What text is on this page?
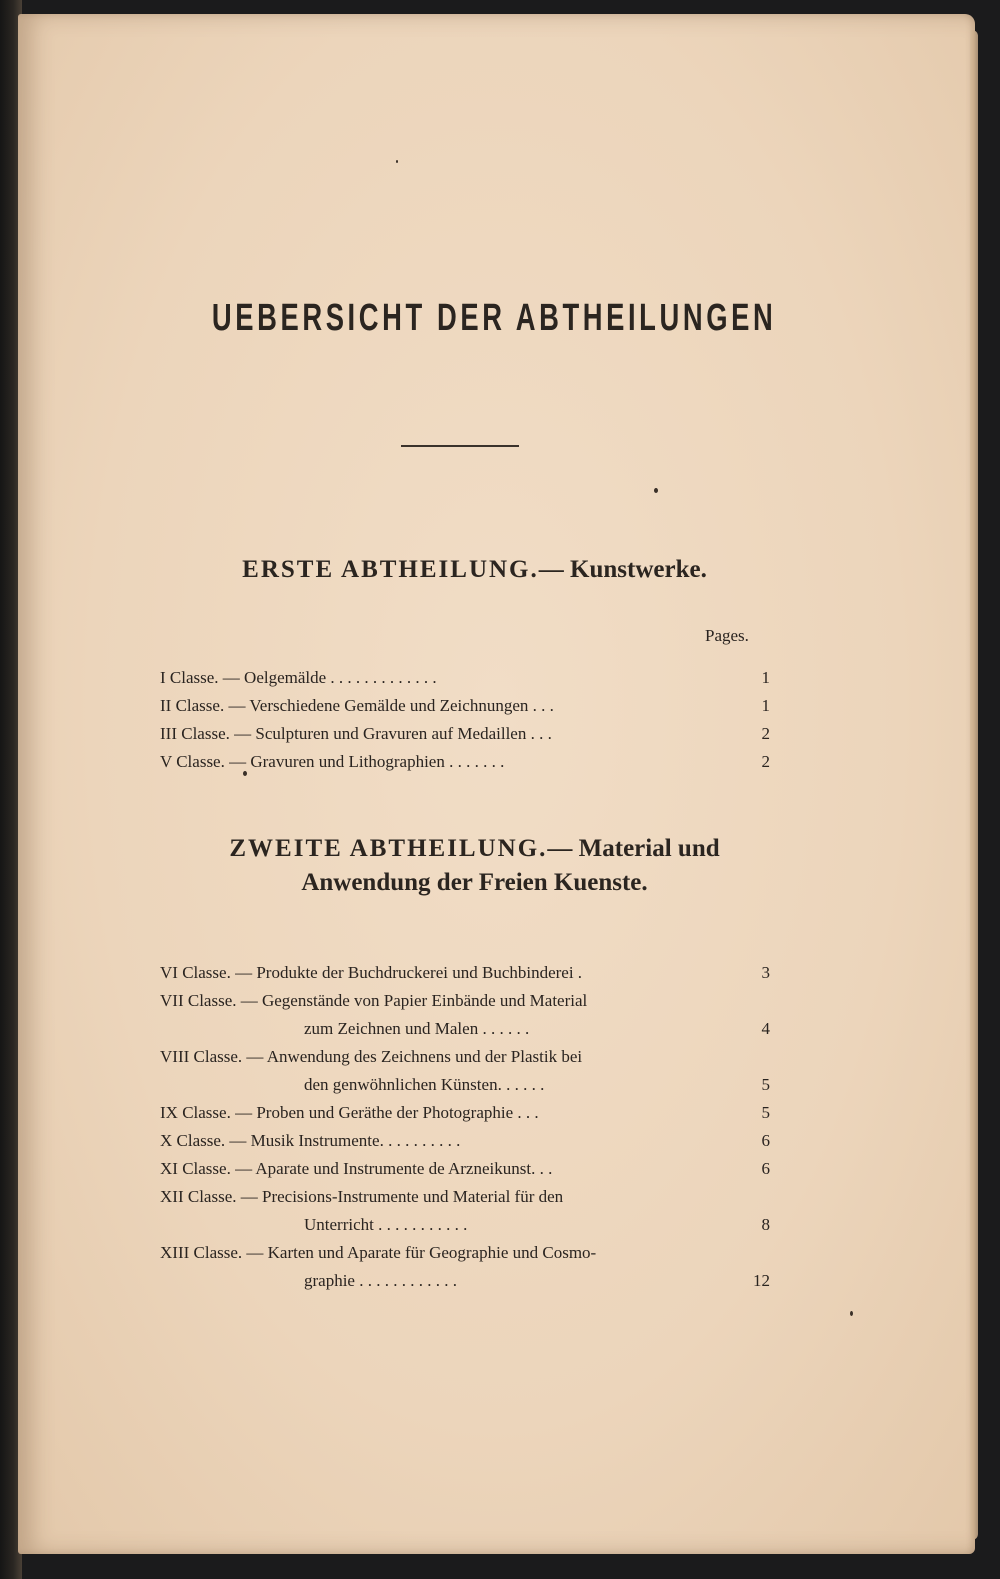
UEBERSICHT DER ABTHEILUNGEN
ERSTE ABTHEILUNG.— Kunstwerke.
Pages.
I Classe. — Oelgemälde . . . . . . . . . . . . .	1
II Classe. — Verschiedene Gemälde und Zeichnungen . . .	1
III Classe. — Sculpturen und Gravuren auf Medaillen . . .	2
V Classe. — Gravuren und Lithographien . . . . . . .	2
ZWEITE ABTHEILUNG.— Material und
Anwendung der Freien Kuenste.
VI Classe. — Produkte der Buchdruckerei und Buchbinderei .	3
VII Classe. — Gegenstände von Papier Einbände und Material
zum Zeichnen und Malen . . . . . .	4
VIII Classe. — Anwendung des Zeichnens und der Plastik bei
den genwöhnlichen Künsten. . . . . .	5
IX Classe. — Proben und Geräthe der Photographie . . .	5
X Classe. — Musik Instrumente. . . . . . . . . .	6
XI Classe. — Aparate und Instrumente de Arzneikunst. . .	6
XII Classe. — Precisions-Instrumente und Material für den
Unterricht . . . . . . . . . . .	8
XIII Classe. — Karten und Aparate für Geographie und Cosmo-
graphie . . . . . . . . . . . .	12
